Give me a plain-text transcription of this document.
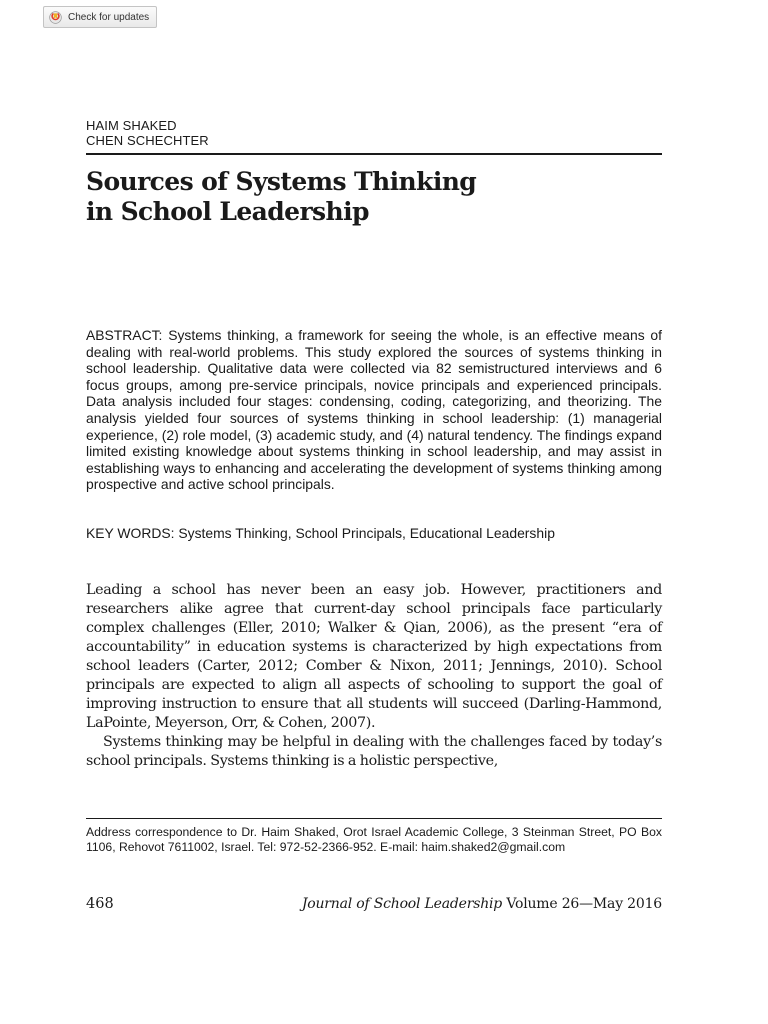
Check for updates
HAIM SHAKED
CHEN SCHECHTER
Sources of Systems Thinking
in School Leadership

ABSTRACT: Systems thinking, a framework for seeing the whole, is an effective means of dealing with real-world problems. This study explored the sources of systems thinking in school leadership. Qualitative data were collected via 82 semistructured interviews and 6 focus groups, among pre-service principals, novice principals and experienced principals. Data analysis included four stages: condensing, coding, categorizing, and theorizing. The analysis yielded four sources of systems thinking in school leadership: (1) managerial experience, (2) role model, (3) academic study, and (4) natural tendency. The findings expand limited existing knowledge about systems thinking in school leadership, and may assist in establishing ways to enhancing and accelerating the development of systems thinking among prospective and active school principals.

KEY WORDS: Systems Thinking, School Principals, Educational Leadership

Leading a school has never been an easy job. However, practitioners and researchers alike agree that current-day school principals face particularly complex challenges (Eller, 2010; Walker & Qian, 2006), as the present “era of accountability” in education systems is characterized by high expectations from school leaders (Carter, 2012; Comber & Nixon, 2011; Jennings, 2010). School principals are expected to align all aspects of schooling to support the goal of improving instruction to ensure that all students will succeed (Darling-Hammond, LaPointe, Meyerson, Orr, & Cohen, 2007).

Systems thinking may be helpful in dealing with the challenges faced by today’s school principals. Systems thinking is a holistic perspective,

Address correspondence to Dr. Haim Shaked, Orot Israel Academic College, 3 Steinman Street, PO Box 1106, Rehovot 7611002, Israel. Tel: 972-52-2366-952. E-mail: haim.shaked2@gmail.com

468	Journal of School Leadership Volume 26—May 2016
